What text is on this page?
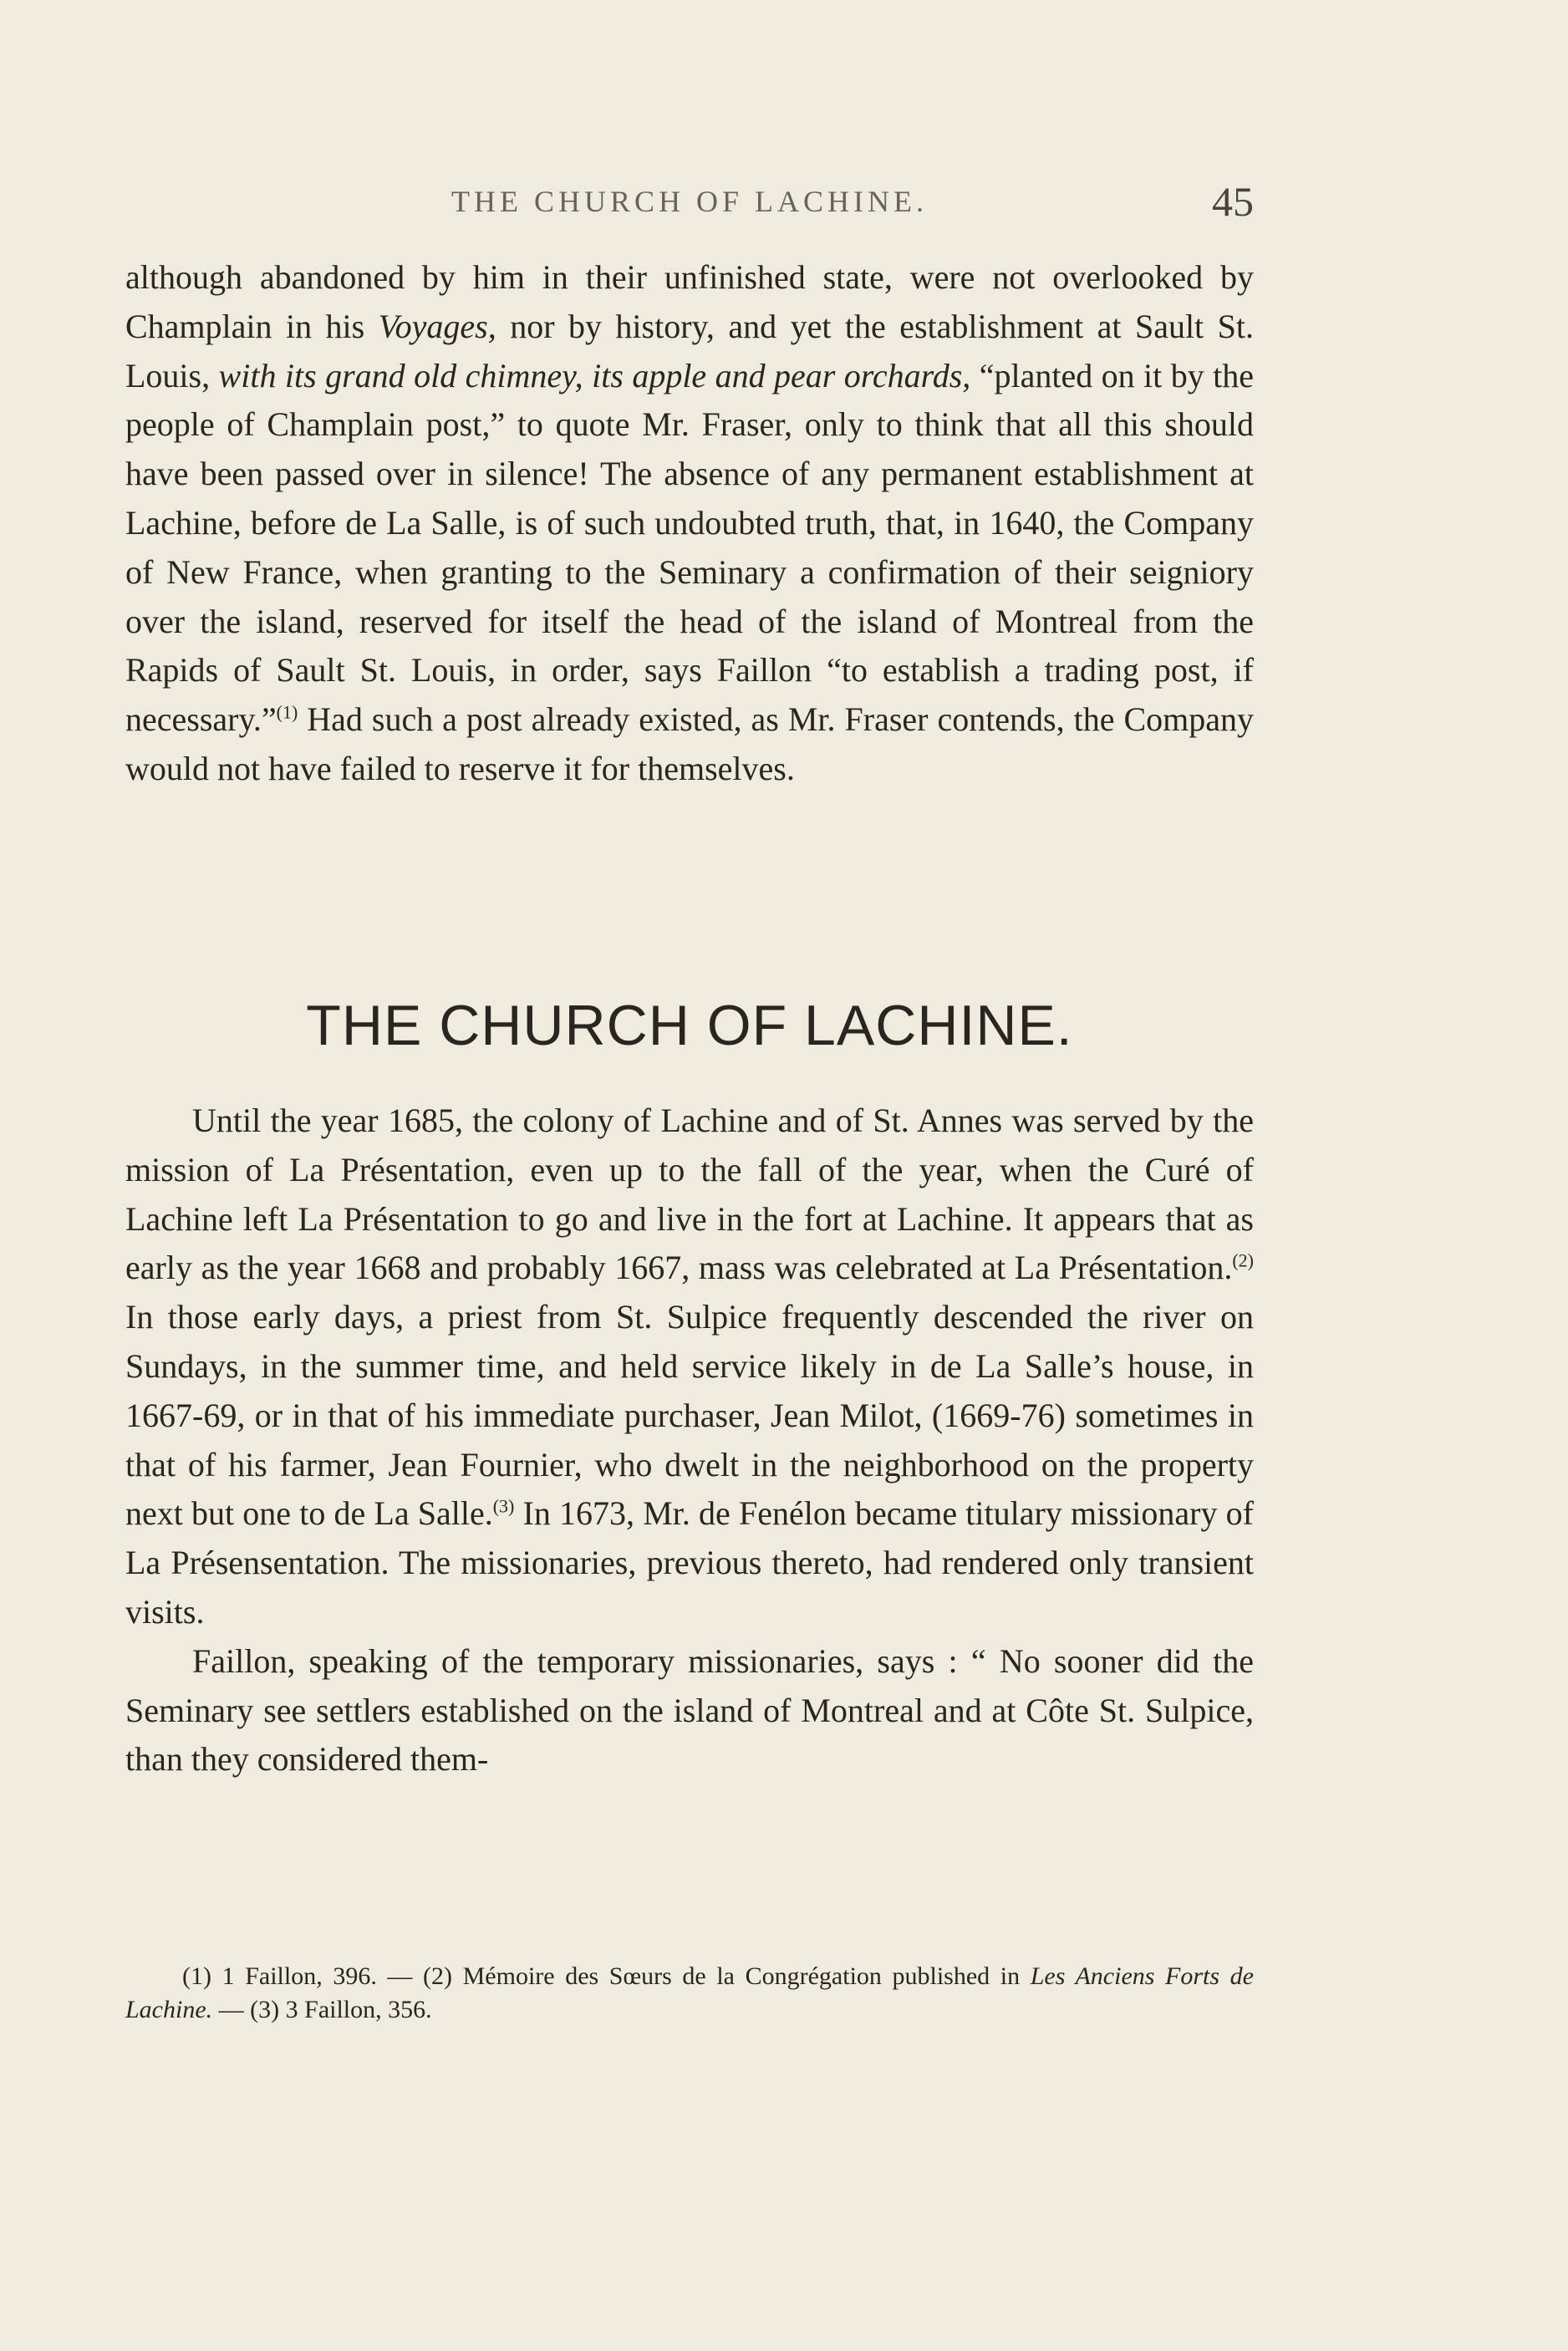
THE CHURCH OF LACHINE.	45

although abandoned by him in their unfinished state, were not overlooked by Champlain in his Voyages, nor by history, and yet the establishment at Sault St. Louis, with its grand old chimney, its apple and pear orchards, “planted on it by the people of Champlain post,” to quote Mr. Fraser, only to think that all this should have been passed over in silence! The absence of any permanent establishment at Lachine, before de La Salle, is of such undoubted truth, that, in 1640, the Company of New France, when granting to the Seminary a confirmation of their seigniory over the island, reserved for itself the head of the island of Montreal from the Rapids of Sault St. Louis, in order, says Faillon “to establish a trading post, if necessary.”$^{(1)}$ Had such a post already existed, as Mr. Fraser contends, the Company would not have failed to reserve it for themselves.

THE CHURCH OF LACHINE.

Until the year 1685, the colony of Lachine and of St. Annes was served by the mission of La Présentation, even up to the fall of the year, when the Curé of Lachine left La Présentation to go and live in the fort at Lachine. It appears that as early as the year 1668 and probably 1667, mass was celebrated at La Présentation.$^{(2)}$ In those early days, a priest from St. Sulpice frequently descended the river on Sundays, in the summer time, and held service likely in de La Salle’s house, in 1667-69, or in that of his immediate purchaser, Jean Milot, (1669-76) sometimes in that of his farmer, Jean Fournier, who dwelt in the neighborhood on the property next but one to de La Salle.$^{(3)}$ In 1673, Mr. de Fenélon became titulary missionary of La Présensentation. The missionaries, previous thereto, had rendered only transient visits.

Faillon, speaking of the temporary missionaries, says : “ No sooner did the Seminary see settlers established on the island of Montreal and at Côte St. Sulpice, than they considered them-

(1) 1 Faillon, 396. — (2) Mémoire des Sœurs de la Congrégation published in Les Anciens Forts de Lachine. — (3) 3 Faillon, 356.
